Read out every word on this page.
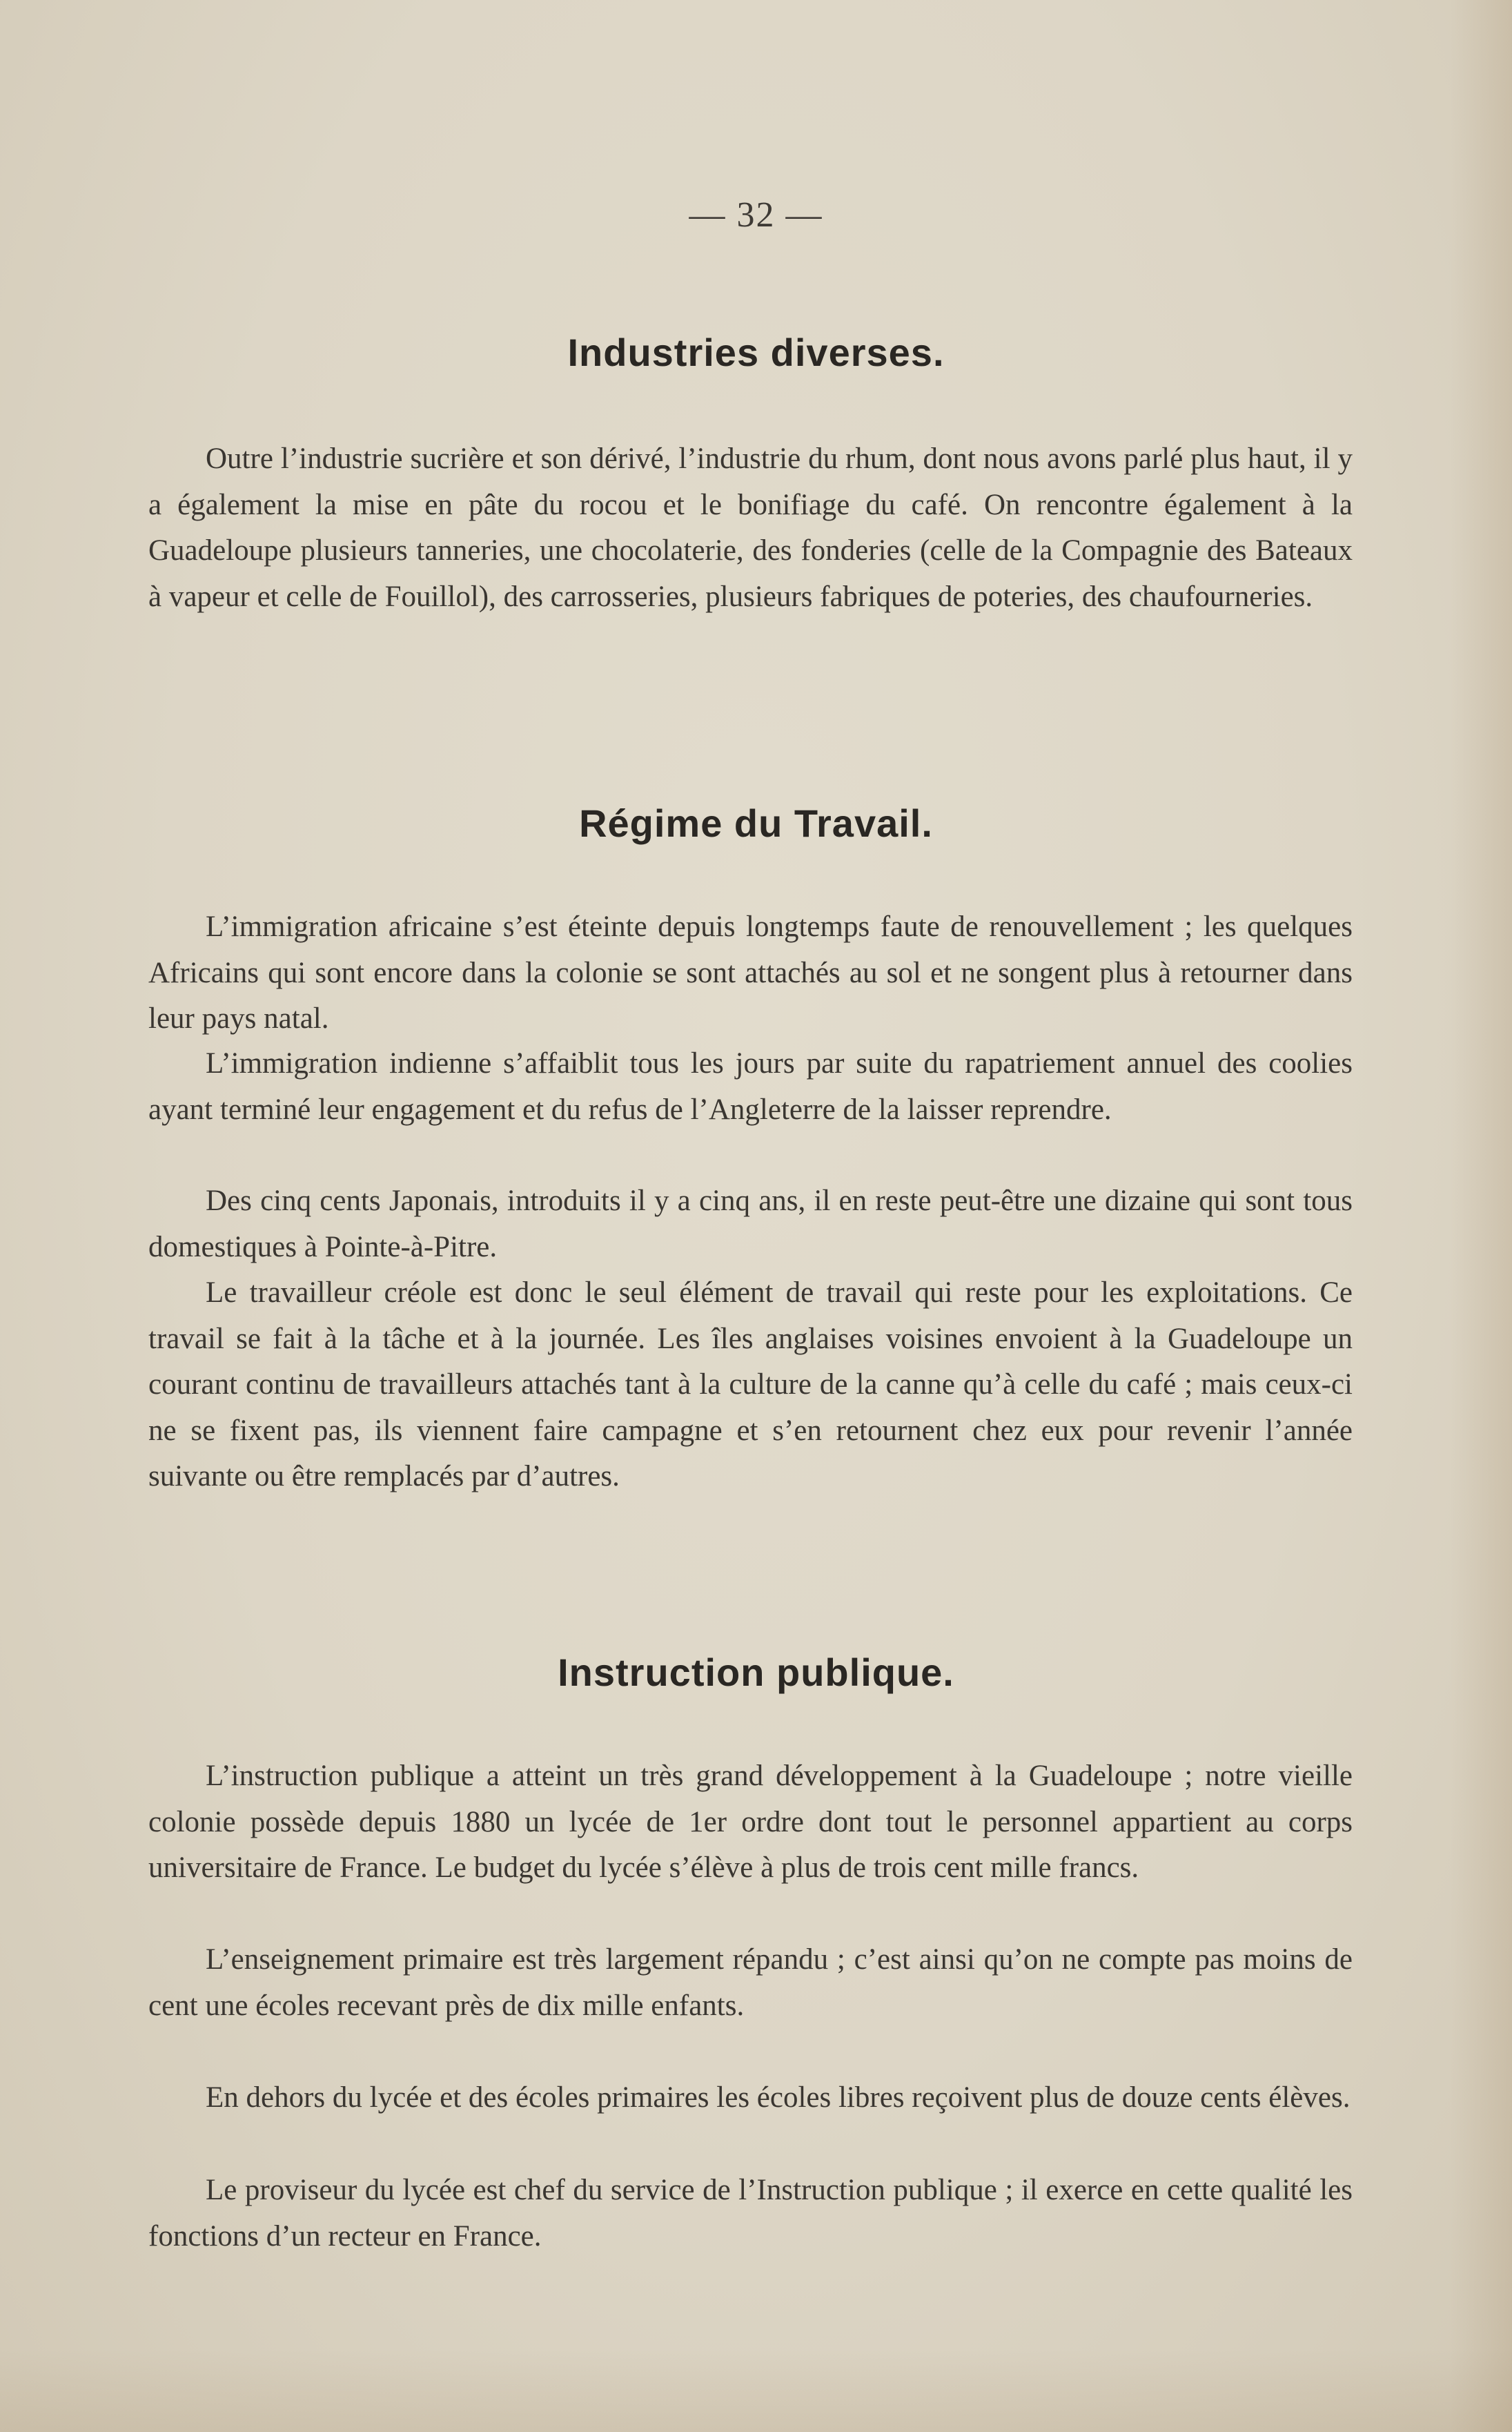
— 32 —
Industries diverses.

Outre l’industrie sucrière et son dérivé, l’industrie du rhum, dont nous avons parlé plus haut, il y a également la mise en pâte du rocou et le bonifiage du café. On rencontre également à la Guadeloupe plusieurs tanneries, une chocolaterie, des fonderies (celle de la Compagnie des Bateaux à vapeur et celle de Fouillol), des carrosseries, plusieurs fabriques de poteries, des chaufourneries.

Régime du Travail.

L’immigration africaine s’est éteinte depuis longtemps faute de renouvellement ; les quelques Africains qui sont encore dans la colonie se sont attachés au sol et ne songent plus à retourner dans leur pays natal.

L’immigration indienne s’affaiblit tous les jours par suite du rapatriement annuel des coolies ayant terminé leur engagement et du refus de l’Angleterre de la laisser reprendre.

Des cinq cents Japonais, introduits il y a cinq ans, il en reste peut-être une dizaine qui sont tous domestiques à Pointe-à-Pitre.

Le travailleur créole est donc le seul élément de travail qui reste pour les exploitations. Ce travail se fait à la tâche et à la journée. Les îles anglaises voisines envoient à la Guadeloupe un courant continu de travailleurs attachés tant à la culture de la canne qu’à celle du café ; mais ceux-ci ne se fixent pas, ils viennent faire campagne et s’en retournent chez eux pour revenir l’année suivante ou être remplacés par d’autres.

Instruction publique.

L’instruction publique a atteint un très grand développement à la Guadeloupe ; notre vieille colonie possède depuis 1880 un lycée de 1er ordre dont tout le personnel appartient au corps universitaire de France. Le budget du lycée s’élève à plus de trois cent mille francs.

L’enseignement primaire est très largement répandu ; c’est ainsi qu’on ne compte pas moins de cent une écoles recevant près de dix mille enfants.

En dehors du lycée et des écoles primaires les écoles libres reçoivent plus de douze cents élèves.

Le proviseur du lycée est chef du service de l’Instruction publique ; il exerce en cette qualité les fonctions d’un recteur en France.
